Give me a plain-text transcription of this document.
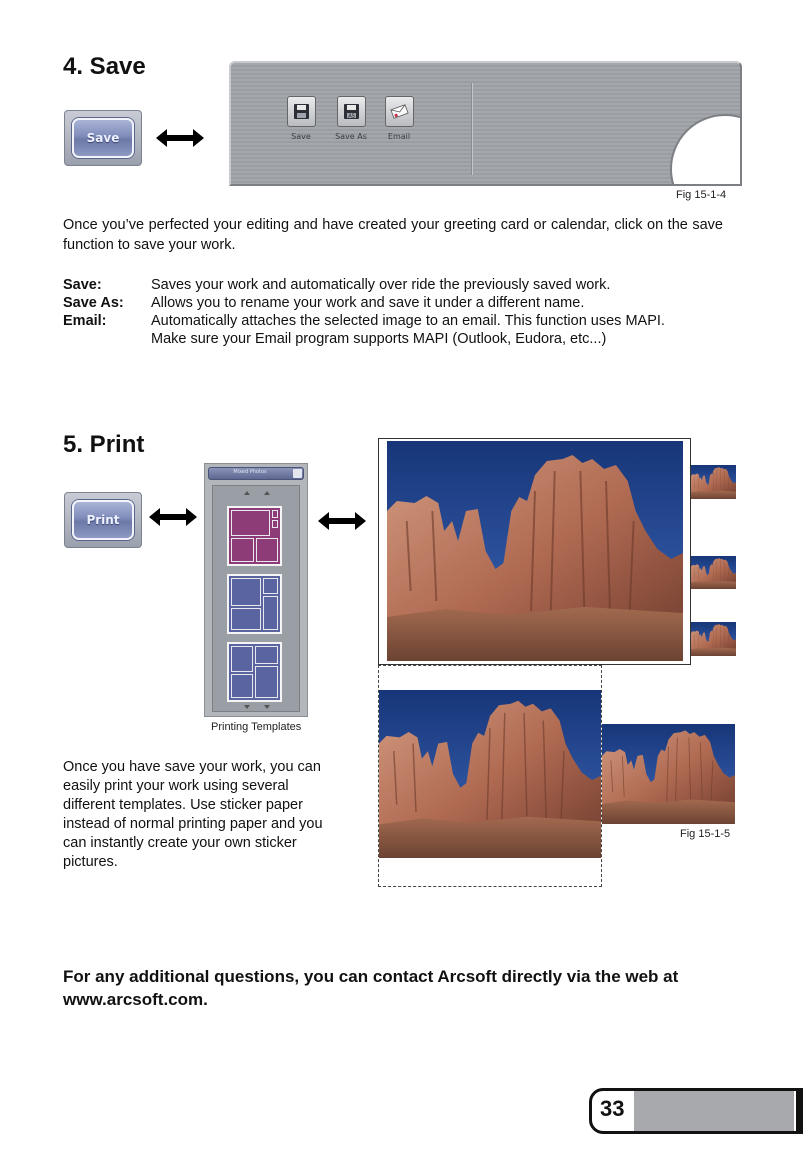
4. Save
Save	Save
AS
Save As	Email
Fig 15-1-4
Once you’ve perfected your editing and have created your greeting card or calendar, click on the save function to save your work.
Save:	Saves your work and automatically over ride the previously saved work.
Save As: Allows you to rename your work and save it under a different name.
Email:	Automatically attaches the selected image to an email. This function uses MAPI.
Make sure your Email program supports MAPI (Outlook, Eudora, etc...)
5. Print
Print
Mixed Photos
Printing Templates
Once you have save your work, you can easily print your work using several different templates. Use sticker paper instead of normal printing paper and you can instantly create your own sticker pictures.
Fig 15-1-5
For any additional questions, you can contact Arcsoft directly via the web at www.arcsoft.com.
33
